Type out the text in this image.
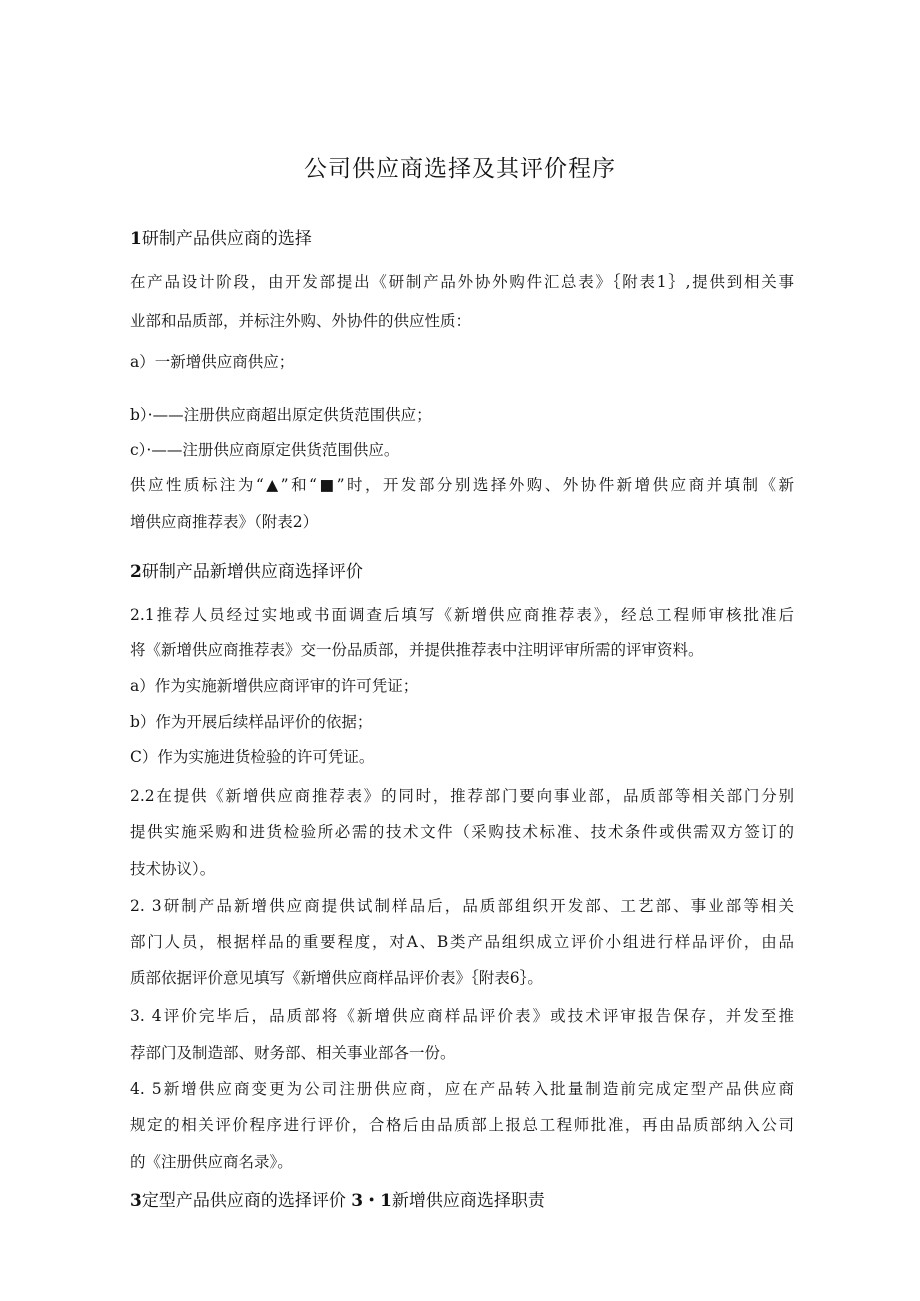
公司供应商选择及其评价程序
1研制产品供应商的选择
在产品设计阶段，由开发部提出《研制产品外协外购件汇总表》｛附表1｝,提供到相关事
业部和品质部，并标注外购、外协件的供应性质：
a）一新增供应商供应；
b）·——注册供应商超出原定供货范围供应；
c）·——注册供应商原定供货范围供应。
供应性质标注为“▲”和“■”时，开发部分别选择外购、外协件新增供应商并填制《新
增供应商推荐表》（附表2）
2研制产品新增供应商选择评价
2.1推荐人员经过实地或书面调查后填写《新增供应商推荐表》，经总工程师审核批准后
将《新增供应商推荐表》交一份品质部，并提供推荐表中注明评审所需的评审资料。
a）作为实施新增供应商评审的许可凭证；
b）作为开展后续样品评价的依据；
C）作为实施进货检验的许可凭证。
2.2在提供《新增供应商推荐表》的同时，推荐部门要向事业部，品质部等相关部门分别
提供实施采购和进货检验所必需的技术文件（采购技术标准、技术条件或供需双方签订的
技术协议）。
2. 3研制产品新增供应商提供试制样品后，品质部组织开发部、工艺部、事业部等相关
部门人员，根据样品的重要程度，对A、B类产品组织成立评价小组进行样品评价，由品
质部依据评价意见填写《新增供应商样品评价表》｛附表6｝。
3. 4评价完毕后，品质部将《新增供应商样品评价表》或技术评审报告保存，并发至推
荐部门及制造部、财务部、相关事业部各一份。
4. 5新增供应商变更为公司注册供应商，应在产品转入批量制造前完成定型产品供应商
规定的相关评价程序进行评价，合格后由品质部上报总工程师批准，再由品质部纳入公司
的《注册供应商名录》。
3定型产品供应商的选择评价 3・1新增供应商选择职责
